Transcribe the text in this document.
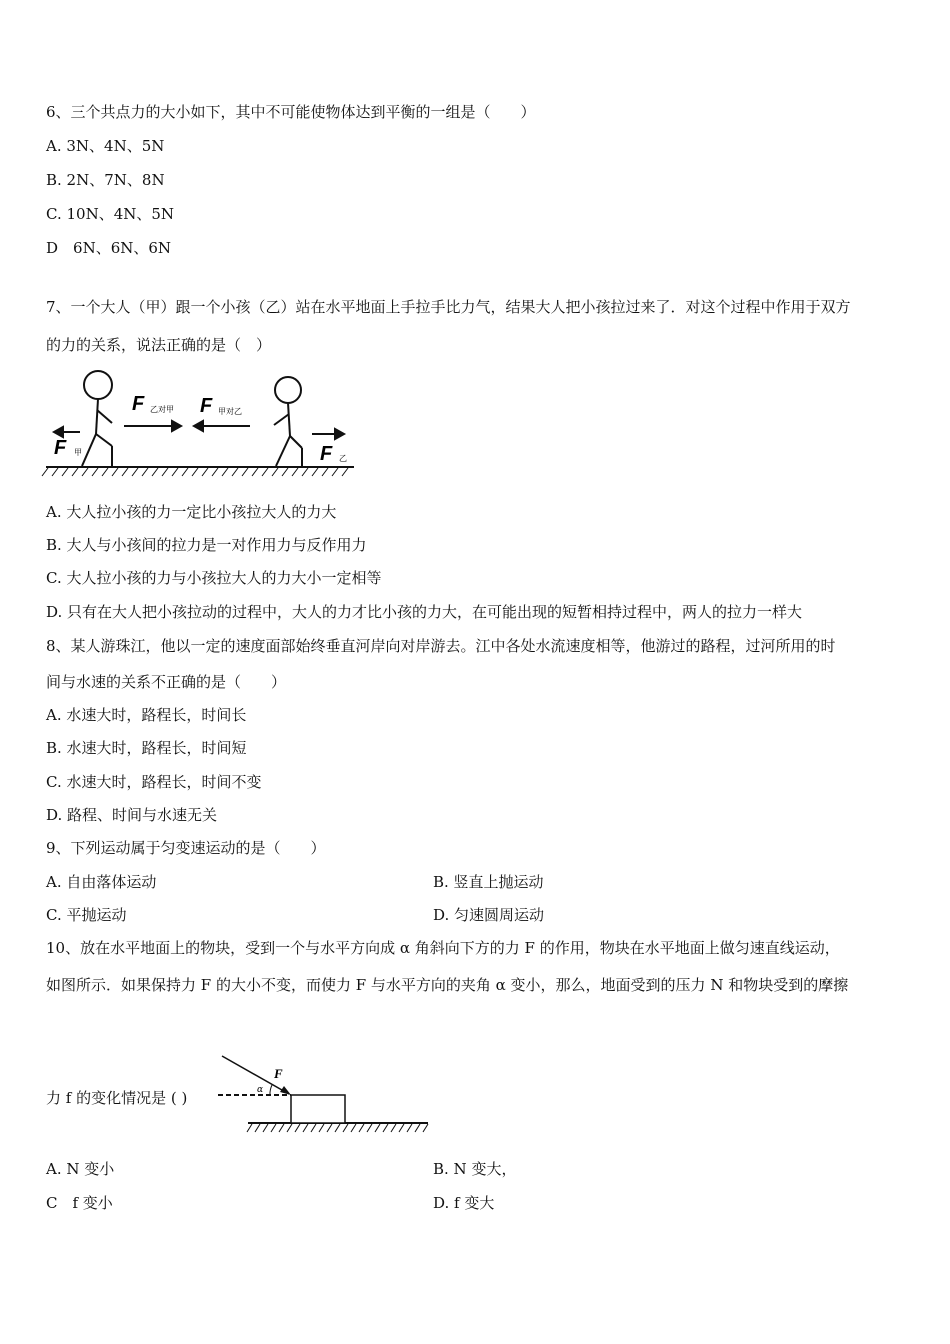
6、三个共点力的大小如下，其中不可能使物体达到平衡的一组是（　　）
A. 3N、4N、5N
B. 2N、7N、8N
C. 10N、4N、5N
D　6N、6N、6N
7、一个大人（甲）跟一个小孩（乙）站在水平地面上手拉手比力气，结果大人把小孩拉过来了．对这个过程中作用于双方
的力的关系，说法正确的是（　）
F 甲
F 乙对甲 F 甲对乙
F 乙
A. 大人拉小孩的力一定比小孩拉大人的力大
B. 大人与小孩间的拉力是一对作用力与反作用力
C. 大人拉小孩的力与小孩拉大人的力大小一定相等
D. 只有在大人把小孩拉动的过程中，大人的力才比小孩的力大，在可能出现的短暂相持过程中，两人的拉力一样大
8、某人游珠江，他以一定的速度面部始终垂直河岸向对岸游去。江中各处水流速度相等，他游过的路程，过河所用的时
间与水速的关系不正确的是（　　）
A. 水速大时，路程长，时间长
B. 水速大时，路程长，时间短
C. 水速大时，路程长，时间不变
D. 路程、时间与水速无关
9、下列运动属于匀变速运动的是（　　）
A. 自由落体运动	B. 竖直上抛运动
C. 平抛运动	D. 匀速圆周运动
10、放在水平地面上的物块，受到一个与水平方向成 α 角斜向下方的力 F 的作用，物块在水平地面上做匀速直线运动，
如图所示．如果保持力 F 的大小不变，而使力 F 与水平方向的夹角 α 变小，那么，地面受到的压力 N 和物块受到的摩擦
力 f 的变化情况是 ( )
F
α
A. N 变小	B. N 变大，
C　f 变小	D. f 变大
